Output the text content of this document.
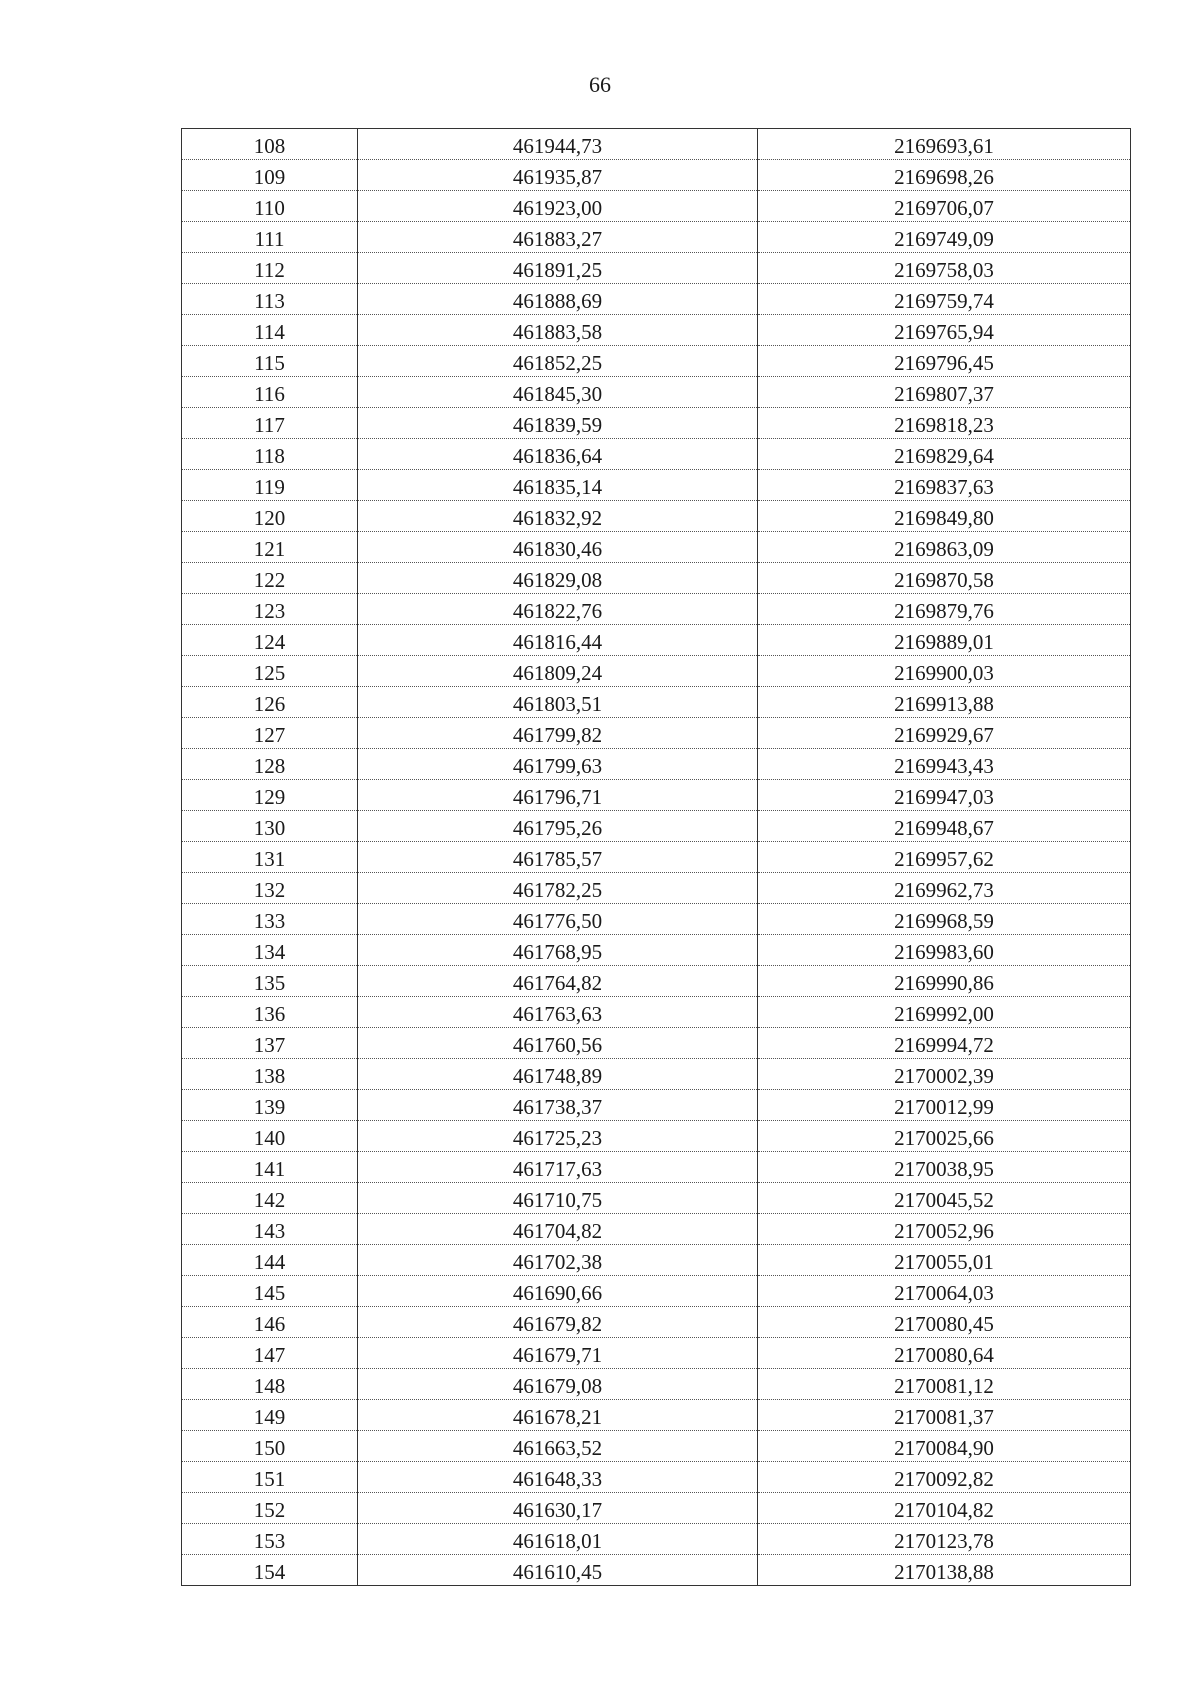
66
108	461944,73	2169693,61
109	461935,87	2169698,26
110	461923,00	2169706,07
111	461883,27	2169749,09
112	461891,25	2169758,03
113	461888,69	2169759,74
114	461883,58	2169765,94
115	461852,25	2169796,45
116	461845,30	2169807,37
117	461839,59	2169818,23
118	461836,64	2169829,64
119	461835,14	2169837,63
120	461832,92	2169849,80
121	461830,46	2169863,09
122	461829,08	2169870,58
123	461822,76	2169879,76
124	461816,44	2169889,01
125	461809,24	2169900,03
126	461803,51	2169913,88
127	461799,82	2169929,67
128	461799,63	2169943,43
129	461796,71	2169947,03
130	461795,26	2169948,67
131	461785,57	2169957,62
132	461782,25	2169962,73
133	461776,50	2169968,59
134	461768,95	2169983,60
135	461764,82	2169990,86
136	461763,63	2169992,00
137	461760,56	2169994,72
138	461748,89	2170002,39
139	461738,37	2170012,99
140	461725,23	2170025,66
141	461717,63	2170038,95
142	461710,75	2170045,52
143	461704,82	2170052,96
144	461702,38	2170055,01
145	461690,66	2170064,03
146	461679,82	2170080,45
147	461679,71	2170080,64
148	461679,08	2170081,12
149	461678,21	2170081,37
150	461663,52	2170084,90
151	461648,33	2170092,82
152	461630,17	2170104,82
153	461618,01	2170123,78
154	461610,45	2170138,88
